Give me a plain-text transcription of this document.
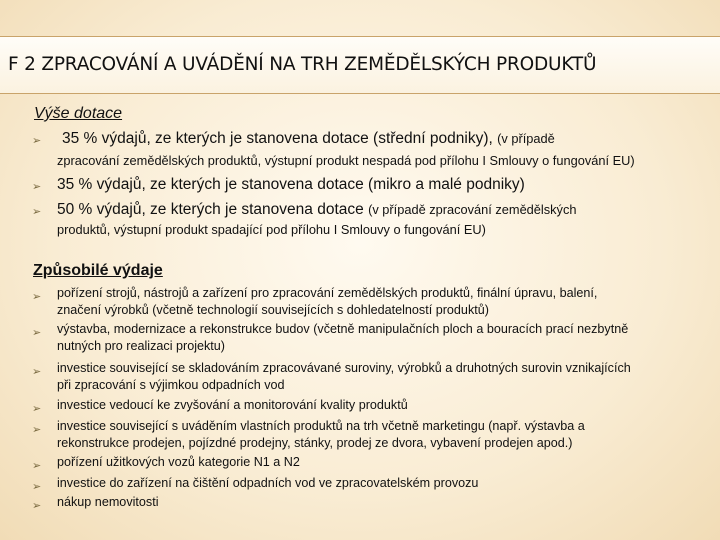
F 2 ZPRACOVÁNÍ A UVÁDĚNÍ NA TRH ZEMĚDĚLSKÝCH PRODUKTŮ
Výše dotace
➢ 35 % výdajů, ze kterých je stanovena dotace (střední podniky), (v případě
zpracování zemědělských produktů, výstupní produkt nespadá pod přílohu I Smlouvy o fungování EU)
➢ 35 % výdajů, ze kterých je stanovena dotace (mikro a malé podniky)
➢ 50 % výdajů, ze kterých je stanovena dotace (v případě zpracování zemědělských
produktů, výstupní produkt spadající pod přílohu I Smlouvy o fungování EU)
Způsobilé výdaje
➢ pořízení strojů, nástrojů a zařízení pro zpracování zemědělských produktů, finální úpravu, balení,
značení výrobků (včetně technologií souvisejících s dohledatelností produktů)
➢ výstavba, modernizace a rekonstrukce budov (včetně manipulačních ploch a bouracích prací nezbytně
nutných pro realizaci projektu)
➢ investice související se skladováním zpracovávané suroviny, výrobků a druhotných surovin vznikajících
při zpracování s výjimkou odpadních vod
➢ investice vedoucí ke zvyšování a monitorování kvality produktů
➢ investice související s uváděním vlastních produktů na trh včetně marketingu (např. výstavba a
rekonstrukce prodejen, pojízdné prodejny, stánky, prodej ze dvora, vybavení prodejen apod.)
➢ pořízení užitkových vozů kategorie N1 a N2
➢ investice do zařízení na čištění odpadních vod ve zpracovatelském provozu
➢ nákup nemovitosti
